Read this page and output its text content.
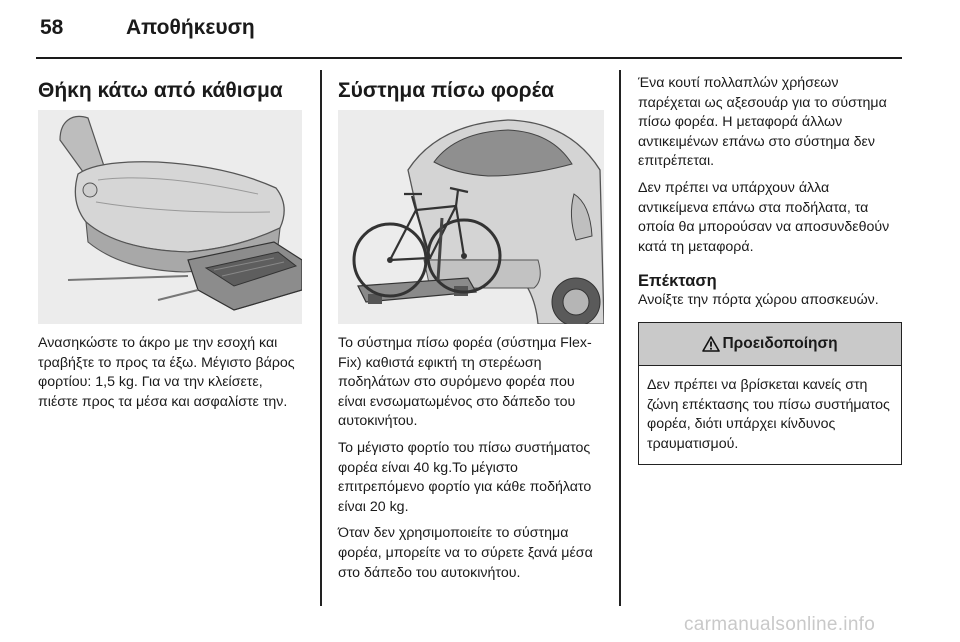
58	Αποθήκευση
Θήκη κάτω από κάθισμα

Ανασηκώστε το άκρο με την εσοχή και τραβήξτε το προς τα έξω. Μέγιστο βάρος φορτίου: 1,5 kg. Για να την κλείσετε, πιέστε προς τα μέσα και ασφαλίστε την.

Σύστημα πίσω φορέα

Το σύστημα πίσω φορέα (σύστημα Flex-Fix) καθιστά εφικτή τη στερέωση ποδηλάτων στο συρόμενο φορέα που είναι ενσωματωμένος στο δάπεδο του αυτοκινήτου.

Το μέγιστο φορτίο του πίσω συστήματος φορέα είναι 40 kg.Το μέγιστο επιτρεπόμενο φορτίο για κάθε ποδήλατο είναι 20 kg.

Όταν δεν χρησιμοποιείτε το σύστημα φορέα, μπορείτε να το σύρετε ξανά μέσα στο δάπεδο του αυτοκινήτου.

Ένα κουτί πολλαπλών χρήσεων παρέχεται ως αξεσουάρ για το σύστημα πίσω φορέα. Η μεταφορά άλλων αντικειμένων επάνω στο σύστημα δεν επιτρέπεται.

Δεν πρέπει να υπάρχουν άλλα αντικείμενα επάνω στα ποδήλατα, τα οποία θα μπορούσαν να αποσυνδεθούν κατά τη μεταφορά.

Επέκταση

Ανοίξτε την πόρτα χώρου αποσκευών.

Προειδοποίηση
Δεν πρέπει να βρίσκεται κανείς στη ζώνη επέκτασης του πίσω συστήματος φορέα, διότι υπάρχει κίνδυνος τραυματισμού.
carmanualsonline.info
